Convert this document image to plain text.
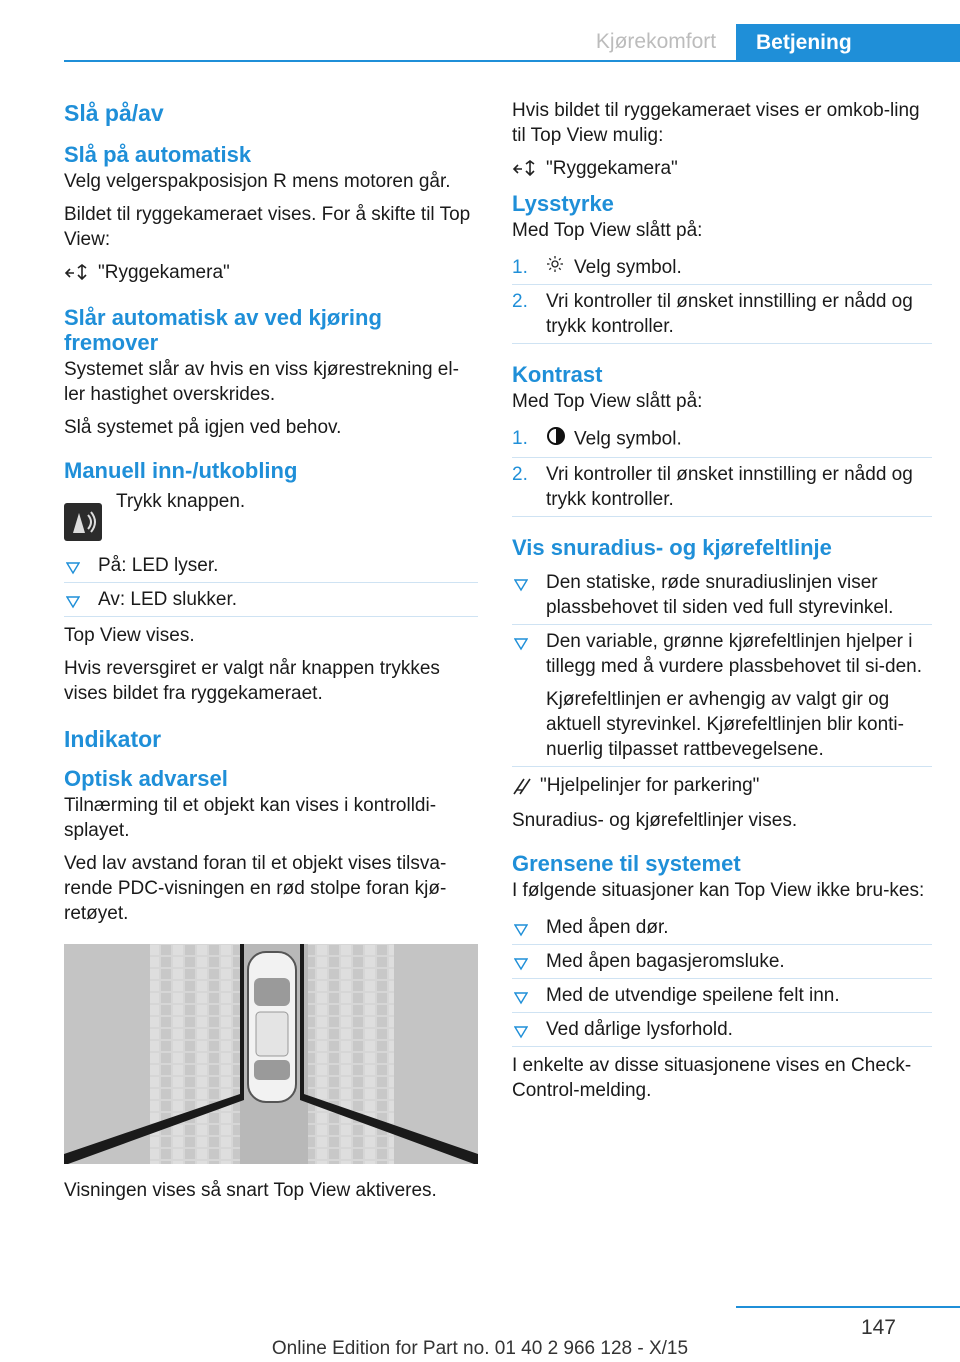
Kjørekomfort	Betjening
Slå på/av
Slå på automatisk

Velg velgerspakposisjon R mens motoren går.

Bildet til ryggekameraet vises. For å skifte til Top View:

"Ryggekamera"
Slår automatisk av ved kjøring fremover

Systemet slår av hvis en viss kjørestrekning el‐ler hastighet overskrides.

Slå systemet på igjen ved behov.

Manuell inn-/utkobling

Trykk knappen.

På: LED lyser.
Av: LED slukker.

Top View vises.

Hvis reversgiret er valgt når knappen trykkes vises bildet fra ryggekameraet.

Indikator
Optisk advarsel

Tilnærming til et objekt kan vises i kontrolldi‐splayet.

Ved lav avstand foran til et objekt vises tilsva‐rende PDC-visningen en rød stolpe foran kjø‐retøyet.

Visningen vises så snart Top View aktiveres.

Hvis bildet til ryggekameraet vises er omkob‐ling til Top View mulig:

"Ryggekamera"
Lysstyrke

Med Top View slått på:

1. Velg symbol.
2. Vri kontroller til ønsket innstilling er nådd og trykk kontroller.
Kontrast

Med Top View slått på:

1. Velg symbol.
2. Vri kontroller til ønsket innstilling er nådd og trykk kontroller.
Vis snuradius- og kjørefeltlinje
Den statiske, røde snuradiuslinjen viser plassbehovet til siden ved full styrevinkel.
Den variable, grønne kjørefeltlinjen hjelper i tillegg med å vurdere plassbehovet til si‐den.
Kjørefeltlinjen er avhengig av valgt gir og aktuell styrevinkel. Kjørefeltlinjen blir konti‐nuerlig tilpasset rattbevegelsene.
"Hjelpelinjer for parkering"

Snuradius- og kjørefeltlinjer vises.

Grensene til systemet

I følgende situasjoner kan Top View ikke bru‐kes:

Med åpen dør.
Med åpen bagasjeromsluke.
Med de utvendige speilene felt inn.
Ved dårlige lysforhold.

I enkelte av disse situasjonene vises en Check-Control-melding.

147
Online Edition for Part no. 01 40 2 966 128 - X/15
